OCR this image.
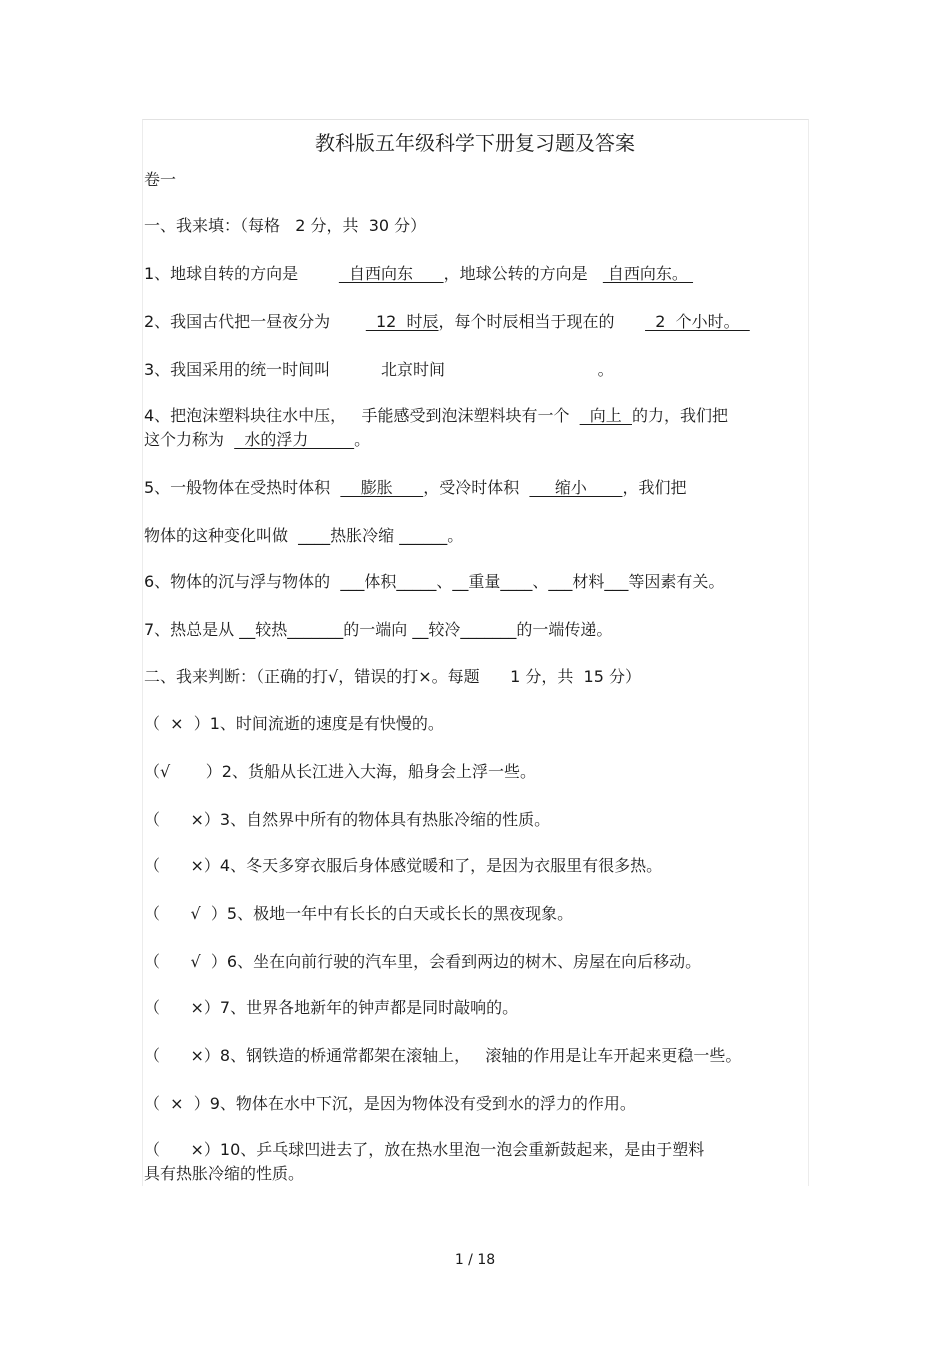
教科版五年级科学下册复习题及答案
卷一
一、我来填：（每格   2 分，共  30 分）
1、地球自转的方向是          自西向东      ，地球公转的方向是    自西向东。
2、我国古代把一昼夜分为         12  时辰，每个时辰相当于现在的        2  个小时。
3、我国采用的统一时间叫          北京时间                              。
4、把泡沫塑料块往水中压，   手能感受到泡沫塑料块有一个    向上  的力，我们把
这个力称为    水的浮力         。
5、一般物体在受热时体积      膨胀      ，受冷时体积       缩小       ，我们把
物体的这种变化叫做  ____热胀冷缩 ______。
6、物体的沉与浮与物体的  ___体积_____、__重量____、___材料___等因素有关。
7、热总是从 __较热_______的一端向 __较冷_______的一端传递。
二、我来判断：（正确的打√，错误的打×。每题      1 分，共  15 分）
（  ×  ）1、时间流逝的速度是有快慢的。
（√       ）2、货船从长江进入大海，船身会上浮一些。
（      ×）3、自然界中所有的物体具有热胀冷缩的性质。
（      ×）4、冬天多穿衣服后身体感觉暖和了，是因为衣服里有很多热。
（      √  ）5、极地一年中有长长的白天或长长的黑夜现象。
（      √  ）6、坐在向前行驶的汽车里，会看到两边的树木、房屋在向后移动。
（      ×）7、世界各地新年的钟声都是同时敲响的。
（      ×）8、钢铁造的桥通常都架在滚轴上，   滚轴的作用是让车开起来更稳一些。
（  ×  ）9、物体在水中下沉，是因为物体没有受到水的浮力的作用。
（      ×）10、乒乓球凹进去了，放在热水里泡一泡会重新鼓起来，是由于塑料
具有热胀冷缩的性质。
1 / 18
